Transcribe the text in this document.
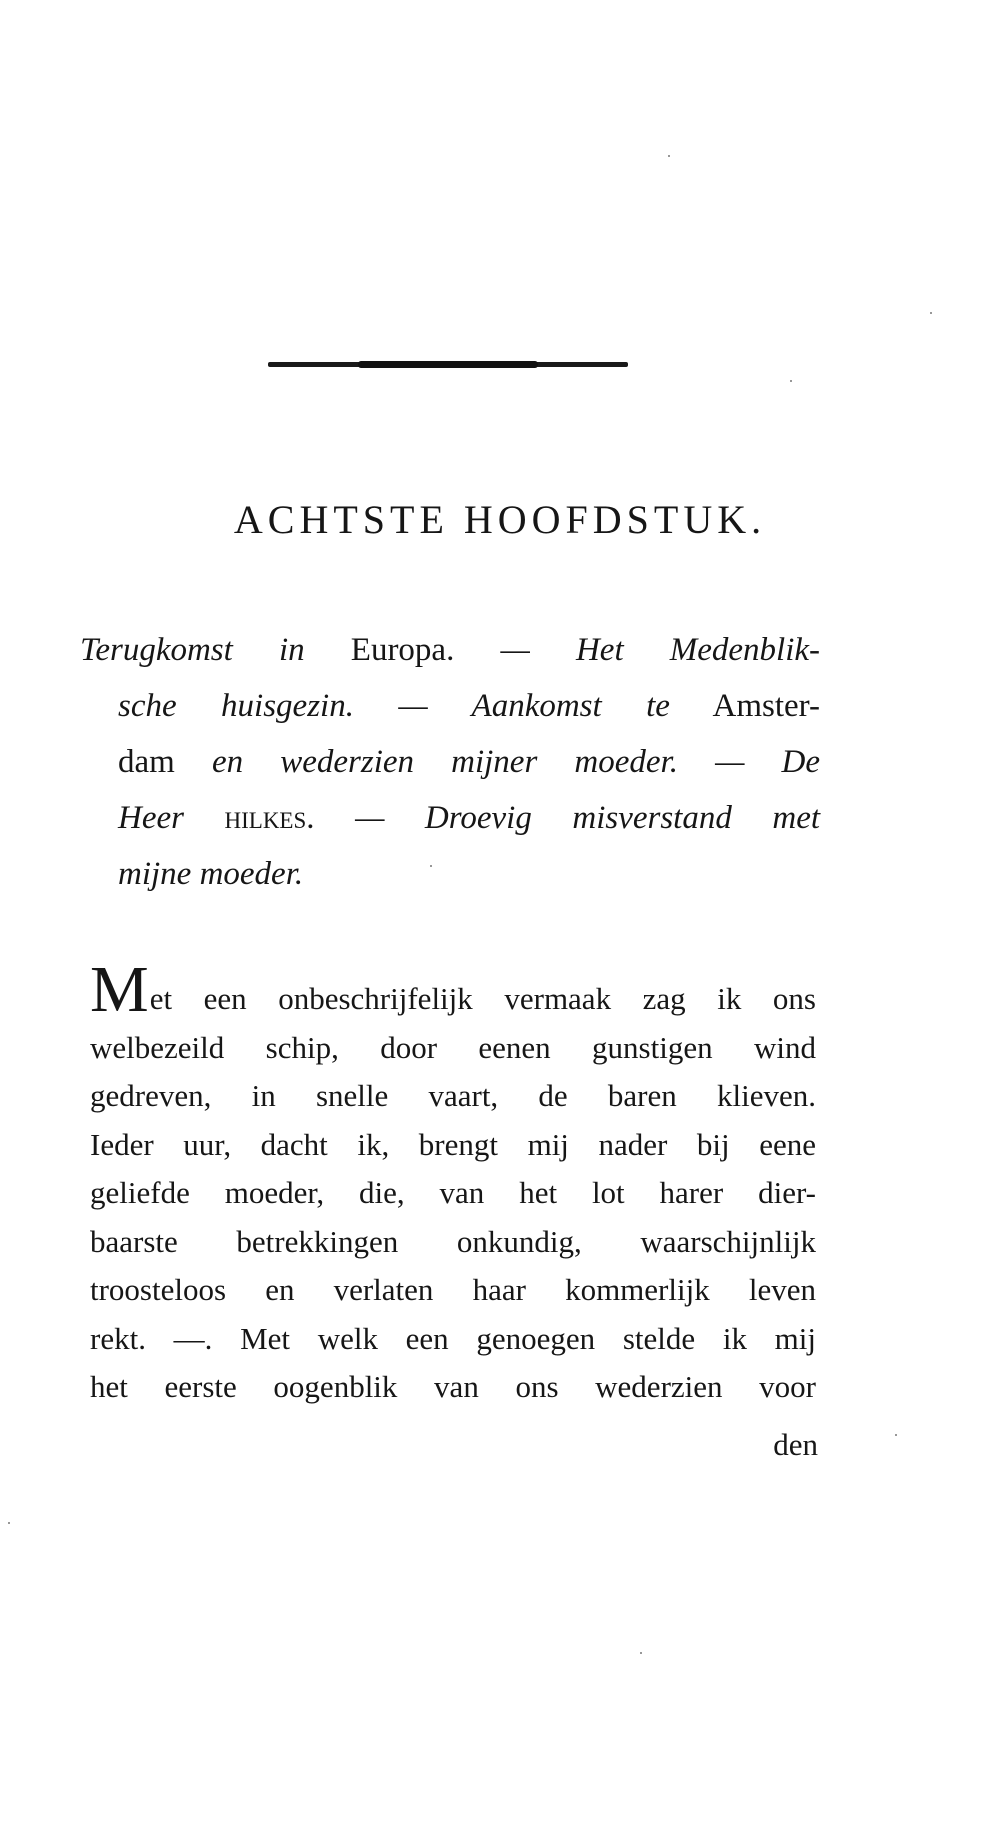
ACHTSTE HOOFDSTUK.
Terugkomst in Europa. — Het Medenblik-
sche huisgezin. — Aankomst te Amster-
dam en wederzien mijner moeder. — De
Heer hilkes. — Droevig misverstand met
mijne moeder.
Met een onbeschrijfelijk vermaak zag ik ons
welbezeild schip, door eenen gunstigen wind
gedreven, in snelle vaart, de baren klieven.
Ieder uur, dacht ik, brengt mij nader bij eene
geliefde moeder, die, van het lot harer dier-
baarste betrekkingen onkundig, waarschijnlijk
troosteloos en verlaten haar kommerlijk leven
rekt. —. Met welk een genoegen stelde ik mij
het eerste oogenblik van ons wederzien voor
den
